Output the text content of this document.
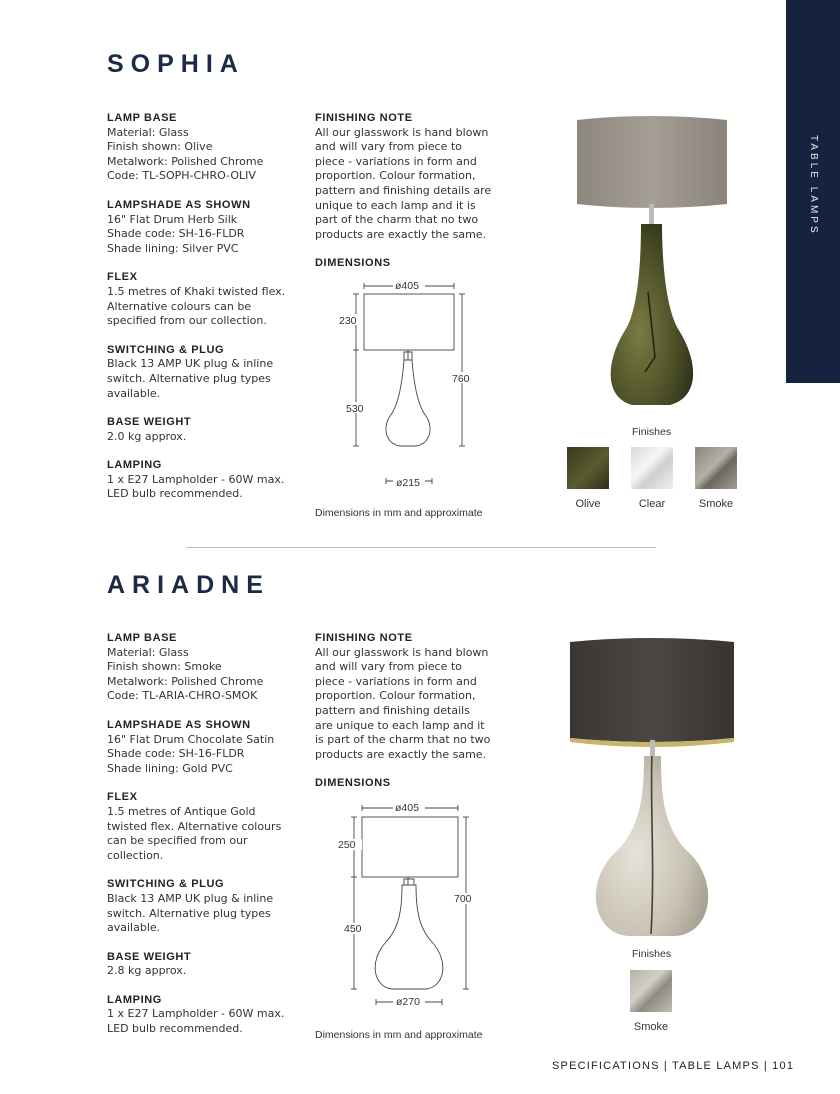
TABLE LAMPS
SOPHIA

LAMP BASE

Material: Glass

Finish shown: Olive

Metalwork: Polished Chrome

Code: TL-SOPH-CHRO-OLIV

LAMPSHADE AS SHOWN

16" Flat Drum Herb Silk

Shade code: SH-16-FLDR

Shade lining: Silver PVC

FLEX

1.5 metres of Khaki twisted flex.

Alternative colours can be

specified from our collection.

SWITCHING & PLUG

Black 13 AMP UK plug & inline

switch. Alternative plug types

available.

BASE WEIGHT

2.0 kg approx.

LAMPING

1 x E27 Lampholder - 60W max.

LED bulb recommended.

FINISHING NOTE

All our glasswork is hand blown

and will vary from piece to

piece - variations in form and

proportion. Colour formation,

pattern and finishing details are

unique to each lamp and it is

part of the charm that no two

products are exactly the same.

DIMENSIONS

ø405
230
530
760
ø215
Dimensions in mm and approximate
Finishes
Olive	Clear	Smoke
ARIADNE

LAMP BASE

Material: Glass

Finish shown: Smoke

Metalwork: Polished Chrome

Code: TL-ARIA-CHRO-SMOK

LAMPSHADE AS SHOWN

16" Flat Drum Chocolate Satin

Shade code: SH-16-FLDR

Shade lining: Gold PVC

FLEX

1.5 metres of Antique Gold

twisted flex. Alternative colours

can be specified from our

collection.

SWITCHING & PLUG

Black 13 AMP UK plug & inline

switch. Alternative plug types

available.

BASE WEIGHT

2.8 kg approx.

LAMPING

1 x E27 Lampholder - 60W max.

LED bulb recommended.

FINISHING NOTE

All our glasswork is hand blown

and will vary from piece to

piece - variations in form and

proportion. Colour formation,

pattern and finishing details

are unique to each lamp and it

is part of the charm that no two

products are exactly the same.

DIMENSIONS

ø405
250
450
700
ø270
Dimensions in mm and approximate
Finishes
Smoke
SPECIFICATIONS | TABLE LAMPS | 101
